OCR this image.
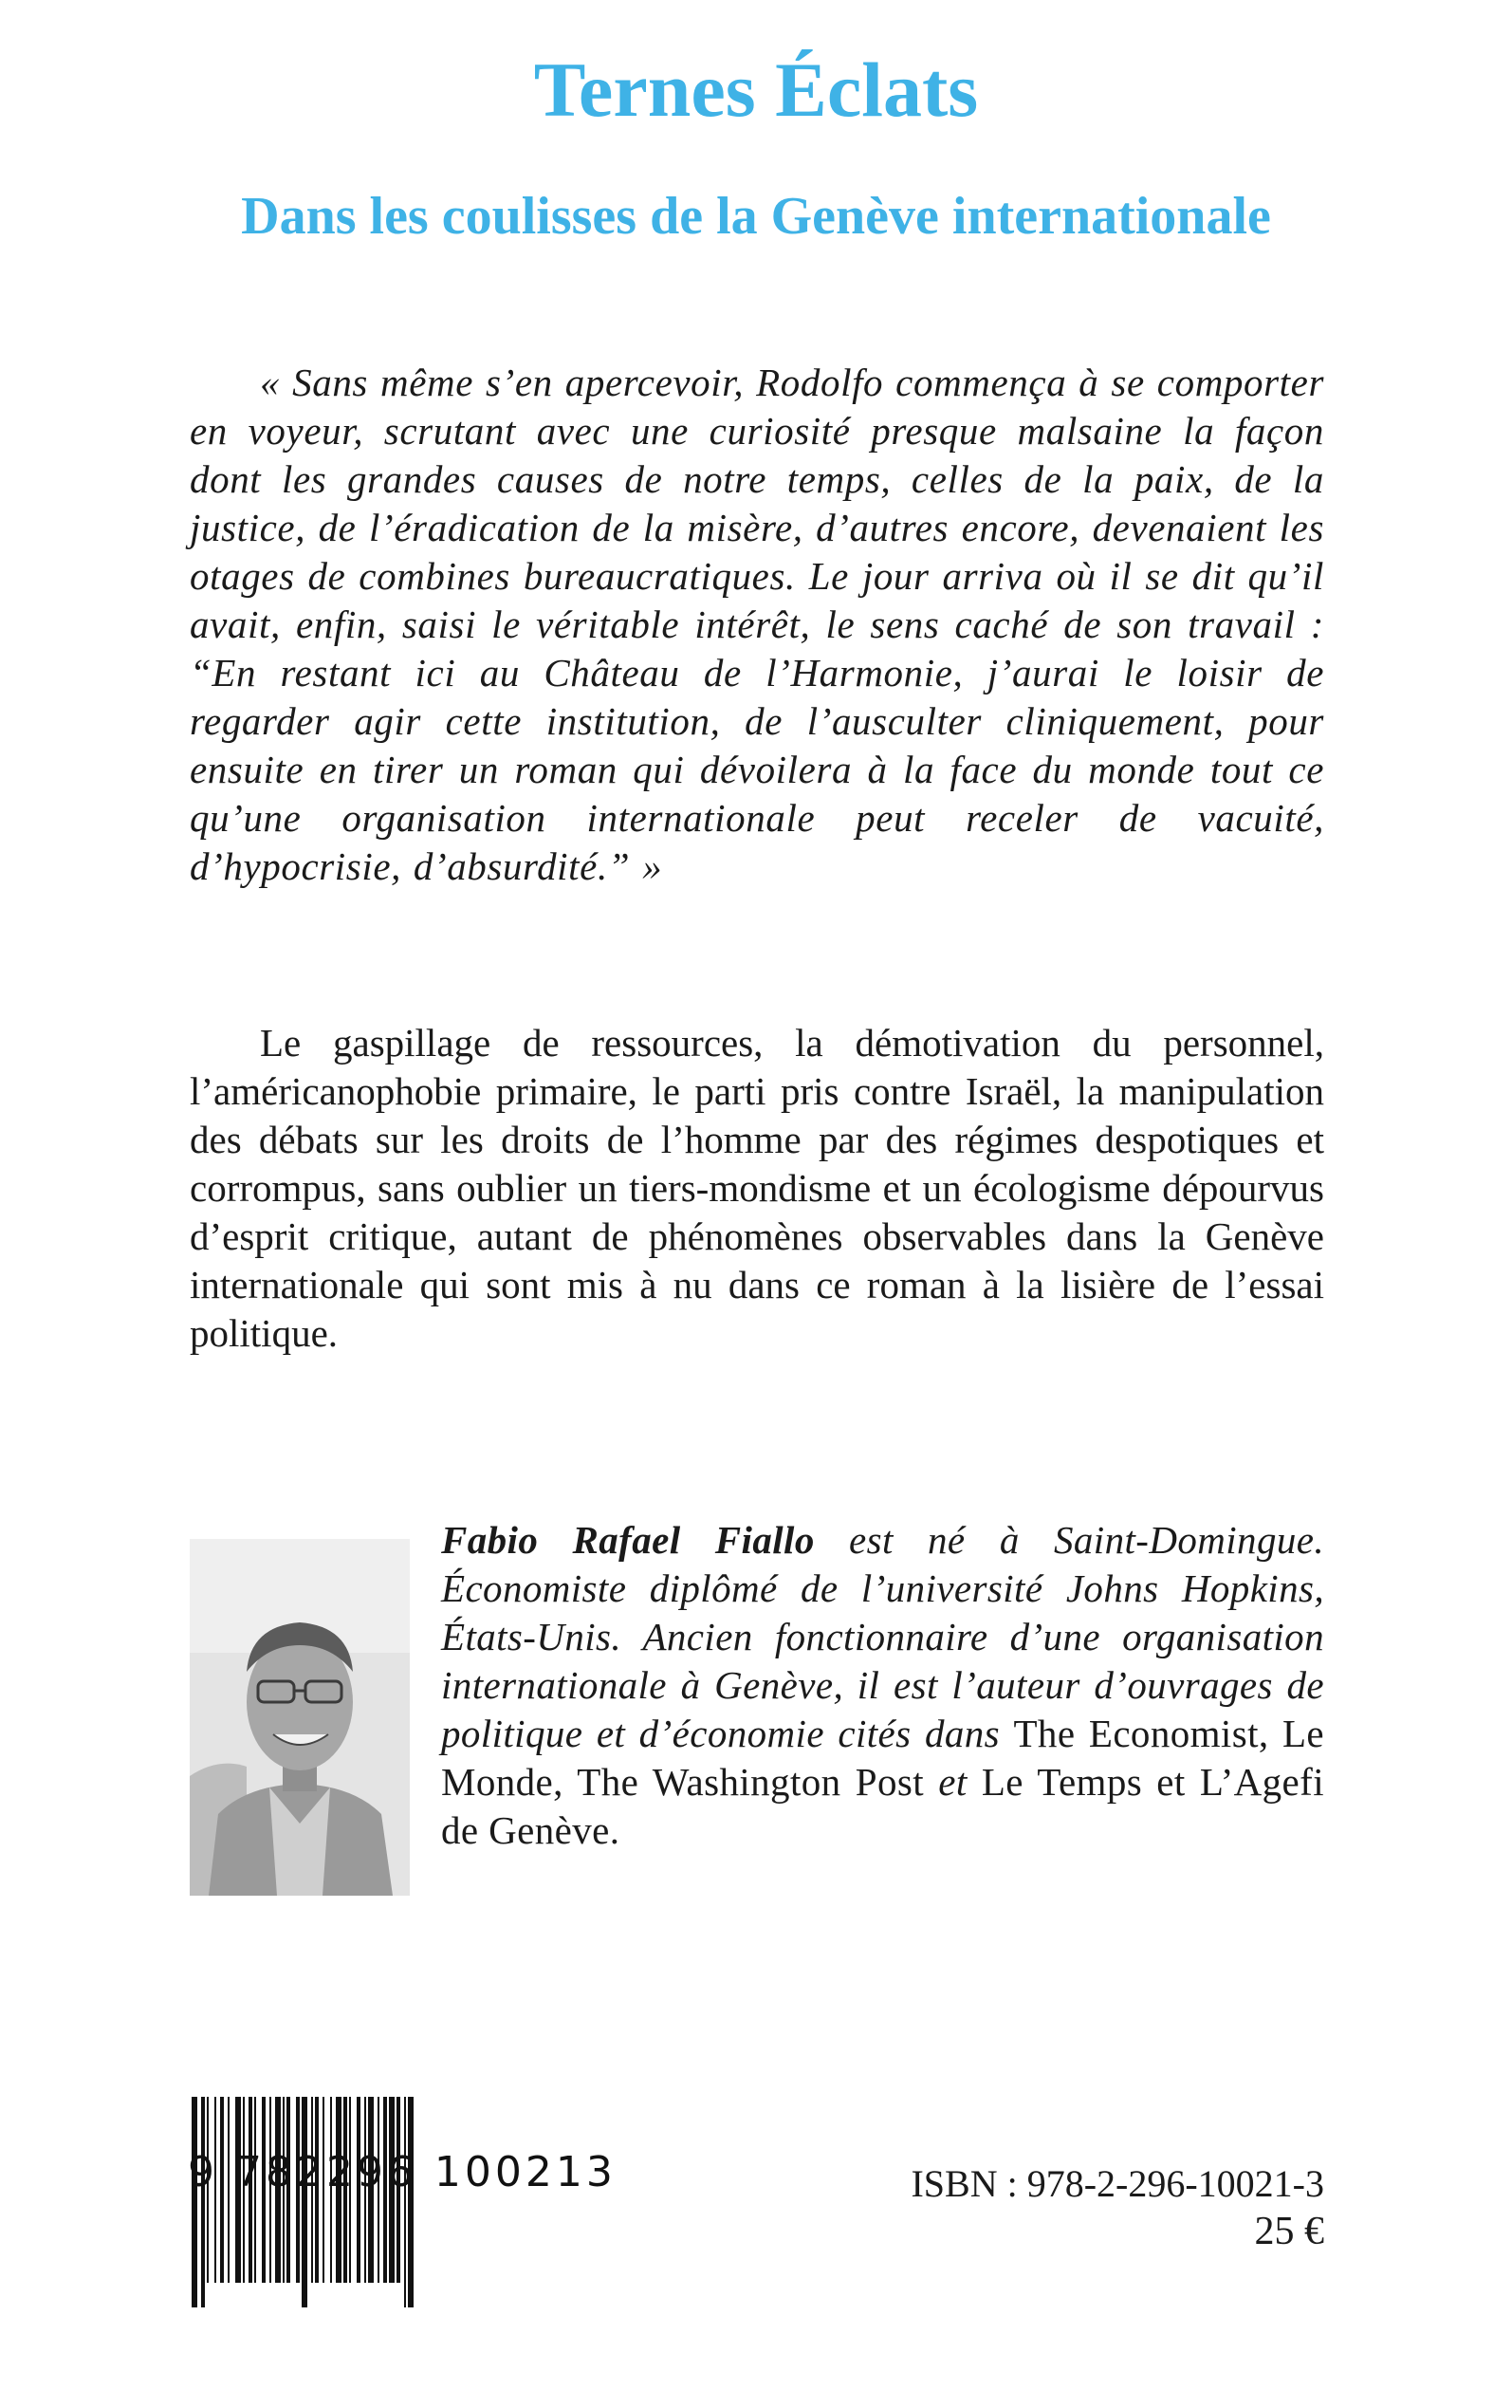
Ternes Éclats
Dans les coulisses de la Genève internationale

« Sans même s’en apercevoir, Rodolfo commença à se comporter en voyeur, scrutant avec une curiosité presque malsaine la façon dont les grandes causes de notre temps, celles de la paix, de la justice, de l’éradication de la misère, d’autres encore, devenaient les otages de combines bureaucratiques. Le jour arriva où il se dit qu’il avait, enfin, saisi le véritable intérêt, le sens caché de son travail : “En restant ici au Château de l’Harmonie, j’aurai le loisir de regarder agir cette institution, de l’ausculter cliniquement, pour ensuite en tirer un roman qui dévoilera à la face du monde tout ce qu’une organisation internationale peut receler de vacuité, d’hypocrisie, d’absurdité.” »

Le gaspillage de ressources, la démotivation du personnel, l’américanophobie primaire, le parti pris contre Israël, la manipulation des débats sur les droits de l’homme par des régimes despotiques et corrompus, sans oublier un tiers-mondisme et un écologisme dépourvus d’esprit critique, autant de phénomènes observables dans la Genève internationale qui sont mis à nu dans ce roman à la lisière de l’essai politique.

Fabio Rafael Fiallo est né à Saint-Domingue. Économiste diplômé de l’université Johns Hopkins, États-Unis. Ancien fonctionnaire d’une organisation internationale à Genève, il est l’auteur d’ouvrages de politique et d’économie cités dans The Economist, Le Monde, The Washington Post et Le Temps et L’Agefi de Genève.

9 782296 100213	ISBN : 978-2-296-10021-3

25 €
